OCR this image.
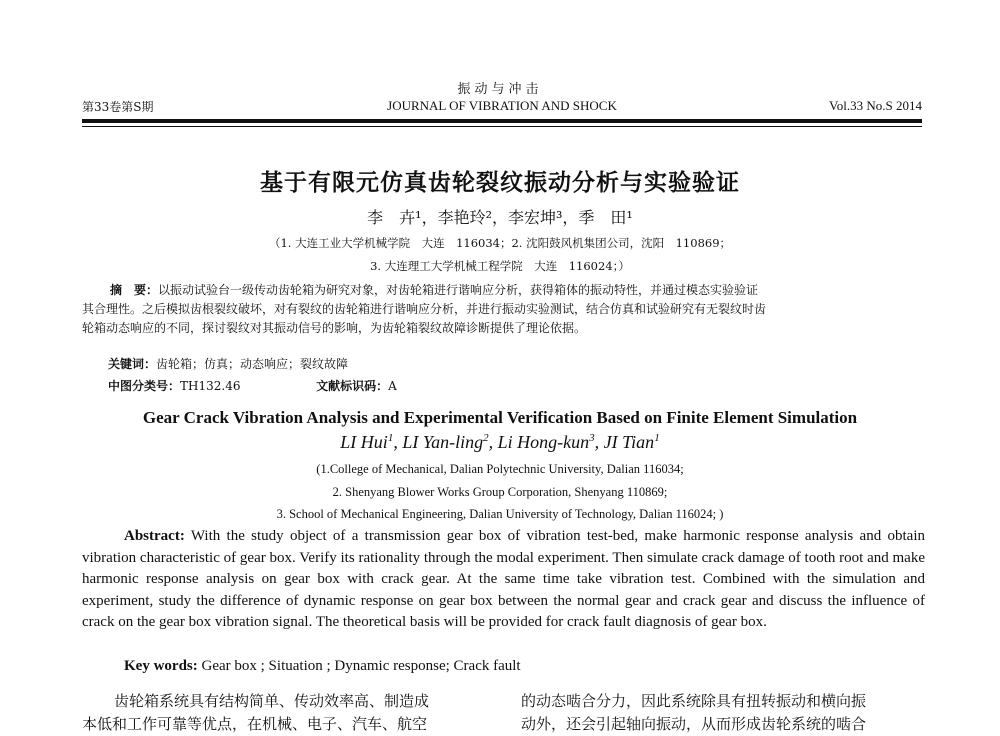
振动与冲击
第33卷第S期	JOURNAL OF VIBRATION AND SHOCK	Vol.33 No.S 2014
基于有限元仿真齿轮裂纹振动分析与实验验证
李　卉¹，李艳玲²，李宏坤³，季　田¹
（1. 大连工业大学机械学院　大连　116034；2. 沈阳鼓风机集团公司，沈阳　110869；
3. 大连理工大学机械工程学院　大连　116024；）
摘　要：以振动试验台一级传动齿轮箱为研究对象，对齿轮箱进行谐响应分析，获得箱体的振动特性，并通过模态实验验证
其合理性。之后模拟齿根裂纹破坏，对有裂纹的齿轮箱进行谐响应分析，并进行振动实验测试，结合仿真和试验研究有无裂纹时齿
轮箱动态响应的不同，探讨裂纹对其振动信号的影响，为齿轮箱裂纹故障诊断提供了理论依据。
关键词：齿轮箱；仿真；动态响应；裂纹故障
中图分类号：TH132.46	文献标识码：A
Gear Crack Vibration Analysis and Experimental Verification Based on Finite Element Simulation
LI Hui$^1$, LI Yan-ling$^2$, Li Hong-kun$^3$, JI Tian$^1$
(1.College of Mechanical, Dalian Polytechnic University, Dalian 116034;
2. Shenyang Blower Works Group Corporation, Shenyang 110869;
3. School of Mechanical Engineering, Dalian University of Technology, Dalian 116024; )
Abstract: With the study object of a transmission gear box of vibration test-bed, make harmonic response analysis and obtain vibration characteristic of gear box. Verify its rationality through the modal experiment. Then simulate crack damage of tooth root and make harmonic response analysis on gear box with crack gear. At the same time take vibration test. Combined with the simulation and experiment, study the difference of dynamic response on gear box between the normal gear and crack gear and discuss the influence of crack on the gear box vibration signal. The theoretical basis will be provided for crack fault diagnosis of gear box.
Key words: Gear box ; Situation ; Dynamic response; Crack fault
齿轮箱系统具有结构简单、传动效率高、制造成
本低和工作可靠等优点，在机械、电子、汽车、航空
的动态啮合分力，因此系统除具有扭转振动和横向振
动外，还会引起轴向振动，从而形成齿轮系统的啮合
